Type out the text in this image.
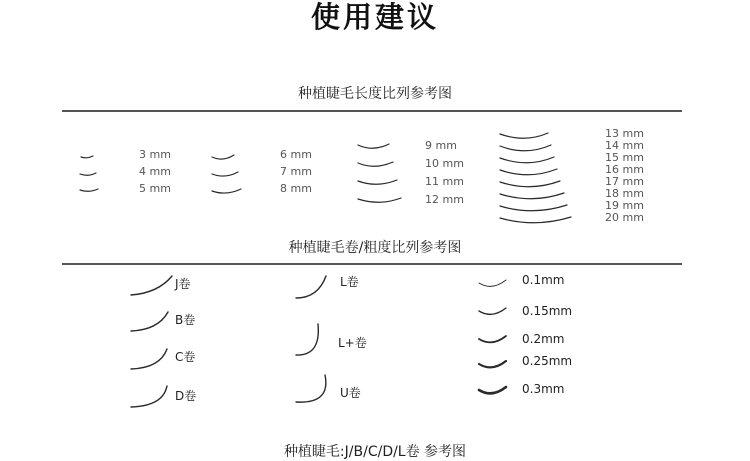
使用建议
种植睫毛长度比列参考图
3 mm
4 mm
5 mm
6 mm
7 mm
8 mm
9 mm
10 mm
11 mm
12 mm
13 mm
14 mm
15 mm
16 mm
17 mm
18 mm
19 mm
20 mm
种植睫毛卷/粗度比列参考图
J卷
B卷
C卷
D卷
L卷
L+卷
U卷
0.1mm
0.15mm
0.2mm
0.25mm
0.3mm
种植睫毛:J/B/C/D/L卷 参考图
